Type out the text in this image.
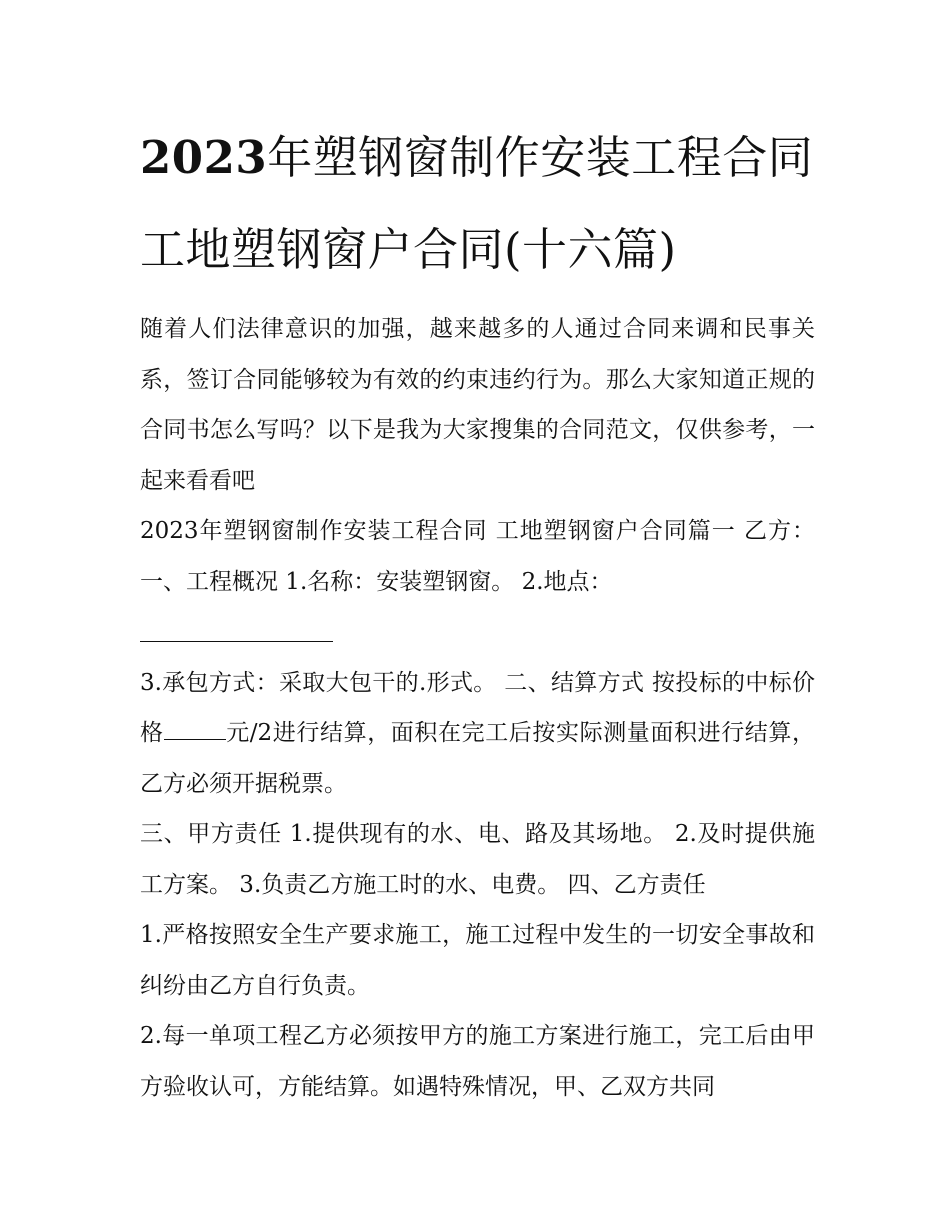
2023年塑钢窗制作安装工程合同 工地塑钢窗户合同(十六篇)

随着人们法律意识的加强，越来越多的人通过合同来调和民事关系，签订合同能够较为有效的约束违约行为。那么大家知道正规的合同书怎么写吗？以下是我为大家搜集的合同范文，仅供参考，一起来看看吧

2023年塑钢窗制作安装工程合同 工地塑钢窗户合同篇一 乙方： 一、工程概况 1.名称：安装塑钢窗。 2.地点：

3.承包方式：采取大包干的.形式。 二、结算方式 按投标的中标价格	元/2进行结算，面积在完工后按实际测量面积进行结算，乙方必须开据税票。

三、甲方责任 1.提供现有的水、电、路及其场地。 2.及时提供施工方案。 3.负责乙方施工时的水、电费。 四、乙方责任

1.严格按照安全生产要求施工，施工过程中发生的一切安全事故和纠纷由乙方自行负责。

2.每一单项工程乙方必须按甲方的施工方案进行施工，完工后由甲方验收认可，方能结算。如遇特殊情况，甲、乙双方共同
